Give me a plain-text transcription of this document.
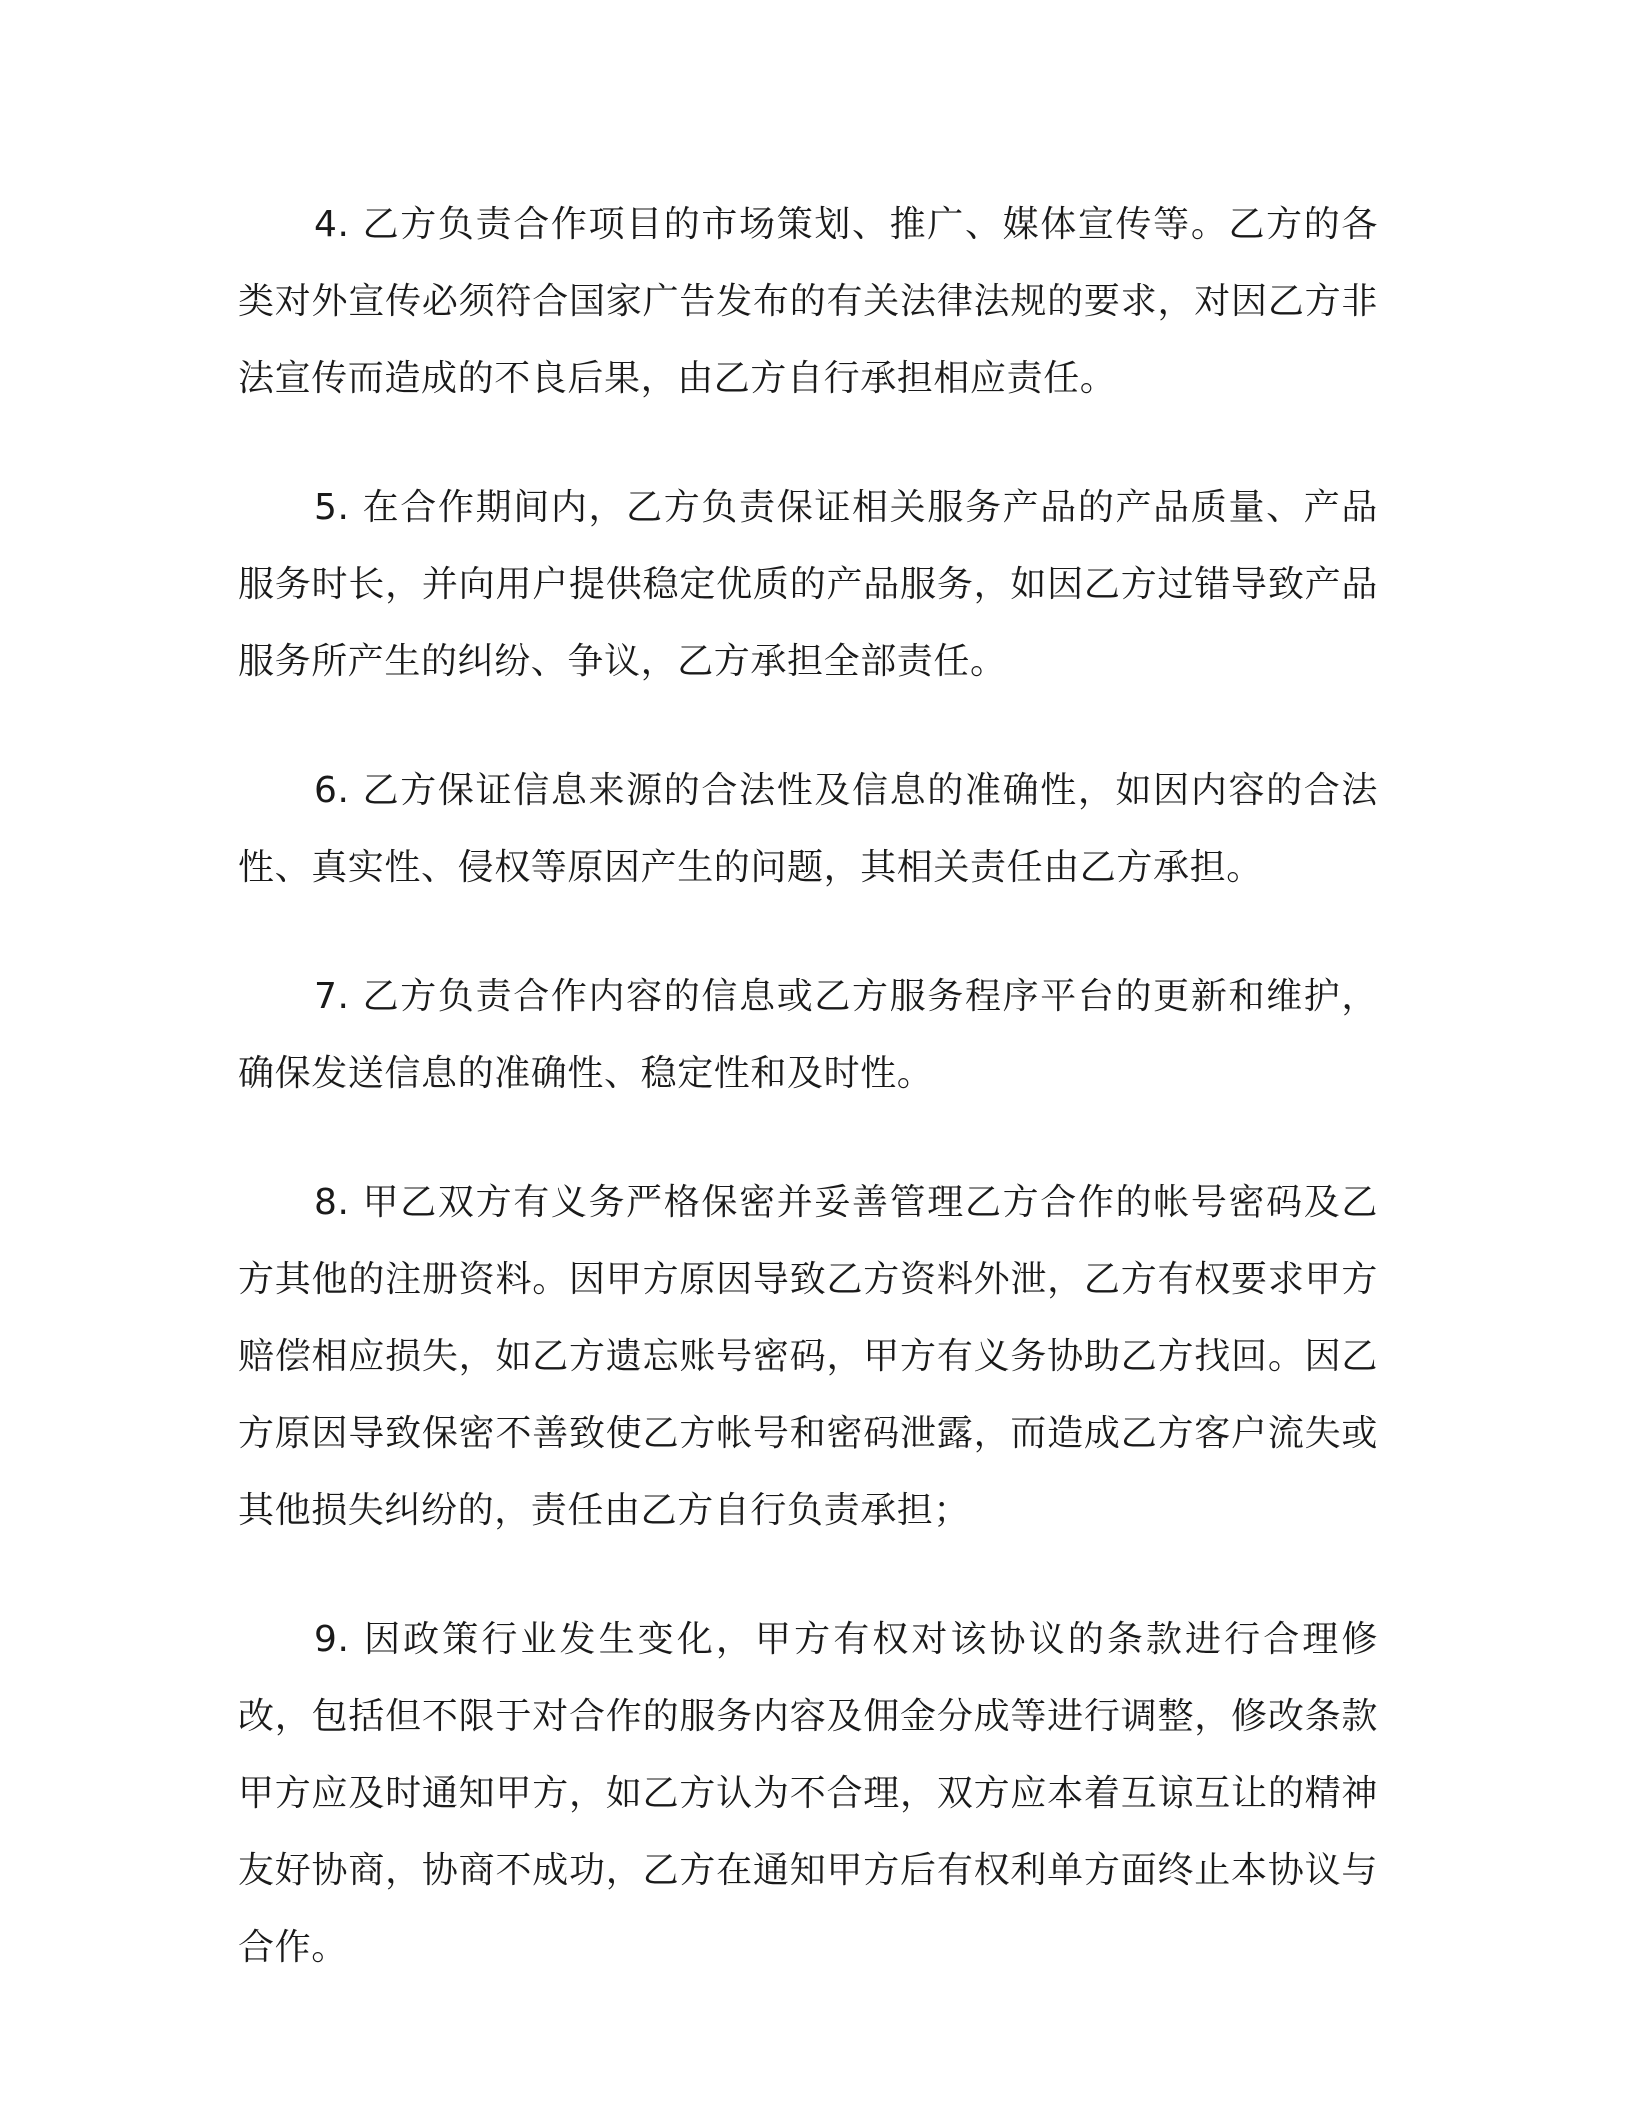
4. 乙方负责合作项目的市场策划、推广、媒体宣传等。乙方的各类对外宣传必须符合国家广告发布的有关法律法规的要求，对因乙方非法宣传而造成的不良后果，由乙方自行承担相应责任。

5. 在合作期间内，乙方负责保证相关服务产品的产品质量、产品服务时长，并向用户提供稳定优质的产品服务，如因乙方过错导致产品服务所产生的纠纷、争议，乙方承担全部责任。

6. 乙方保证信息来源的合法性及信息的准确性，如因内容的合法性、真实性、侵权等原因产生的问题，其相关责任由乙方承担。

7. 乙方负责合作内容的信息或乙方服务程序平台的更新和维护，确保发送信息的准确性、稳定性和及时性。

8. 甲乙双方有义务严格保密并妥善管理乙方合作的帐号密码及乙方其他的注册资料。因甲方原因导致乙方资料外泄，乙方有权要求甲方赔偿相应损失，如乙方遗忘账号密码，甲方有义务协助乙方找回。因乙方原因导致保密不善致使乙方帐号和密码泄露，而造成乙方客户流失或其他损失纠纷的，责任由乙方自行负责承担；

9. 因政策行业发生变化，甲方有权对该协议的条款进行合理修改，包括但不限于对合作的服务内容及佣金分成等进行调整，修改条款甲方应及时通知甲方，如乙方认为不合理，双方应本着互谅互让的精神友好协商，协商不成功，乙方在通知甲方后有权利单方面终止本协议与合作。
